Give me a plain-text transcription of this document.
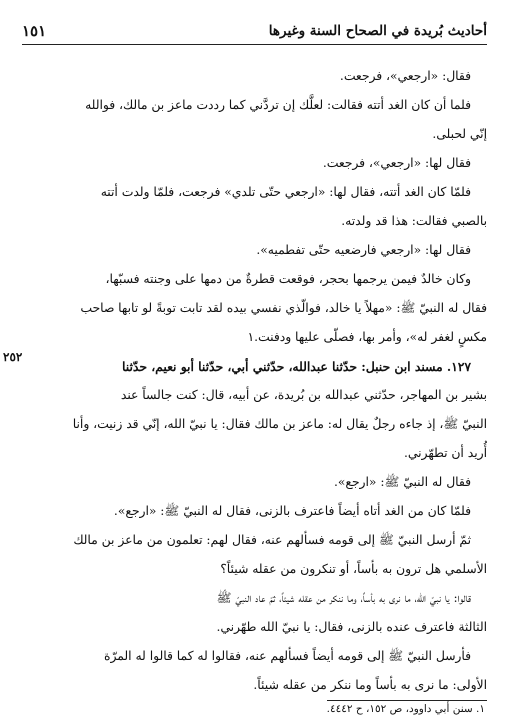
أحاديث بُريدة في الصحاح السنة وغيرها
١٥١

فقال: «ارجعي»، فرجعت.

فلما أن كان الغد أتته فقالت: لعلَّك إن تردَّني كما رددت ماعز بن مالك، فوالله

إنّي لحبلى.

فقال لها: «ارجعي»، فرجعت.

فلمّا كان الغد أتته، فقال لها: «ارجعي حتّى تلدي» فرجعت، فلمّا ولدت أتته

بالصبي فقالت: هذا قد ولدته.

فقال لها: «ارجعي فارضعيه حتّى تفطميه».

وكان خالدٌ فيمن يرجمها بحجر، فوقعت قطرةٌ من دمها على وجنته فسبّها،

فقال له النبيّ ﷺ: «مهلاً يا خالد، فوالّذي نفسي بيده لقد تابت توبةً لو تابها صاحب

مكسٍ لغفر له»، وأمر بها، فصلّى عليها ودفنت.١

١٢٧. مسند ابن حنبل: حدّثنا عبدالله، حدّثني أبي، حدّثنا أبو نعيم، حدّثنا

بشير بن المهاجر، حدّثني عبدالله بن بُريدة، عن أبيه، قال: كنت جالساً عند

النبيّ ﷺ، إذ جاءه رجلٌ يقال له: ماعز بن مالك فقال: يا نبيّ الله، إنّي قد زنيت، وأنا

أُريد أن تطهّرني.

فقال له النبيّ ﷺ: «ارجع».

فلمّا كان من الغد أتاه أيضاً فاعترف بالزنى، فقال له النبيّ ﷺ: «ارجع».

ثمّ أرسل النبيّ ﷺ إلى قومه فسألهم عنه، فقال لهم: تعلمون من ماعز بن مالك

الأسلمي هل ترون به بأساً، أو تنكرون من عقله شيئاً؟

قالوا: يا نبيّ الله، ما نرى به بأساً، وما ننكر من عقله شيئاً، ثمّ عاد النبيّ ﷺ

الثالثة فاعترف عنده بالزنى، فقال: يا نبيّ الله طهّرني.

فأرسل النبيّ ﷺ إلى قومه أيضاً فسألهم عنه، فقالوا له كما قالوا له المرّة

الأولى: ما نرى به بأساً وما ننكر من عقله شيئاً.

٢٥٢
١. سنن أبي داوود، ص ١٥٢، ح ٤٤٤٢.
